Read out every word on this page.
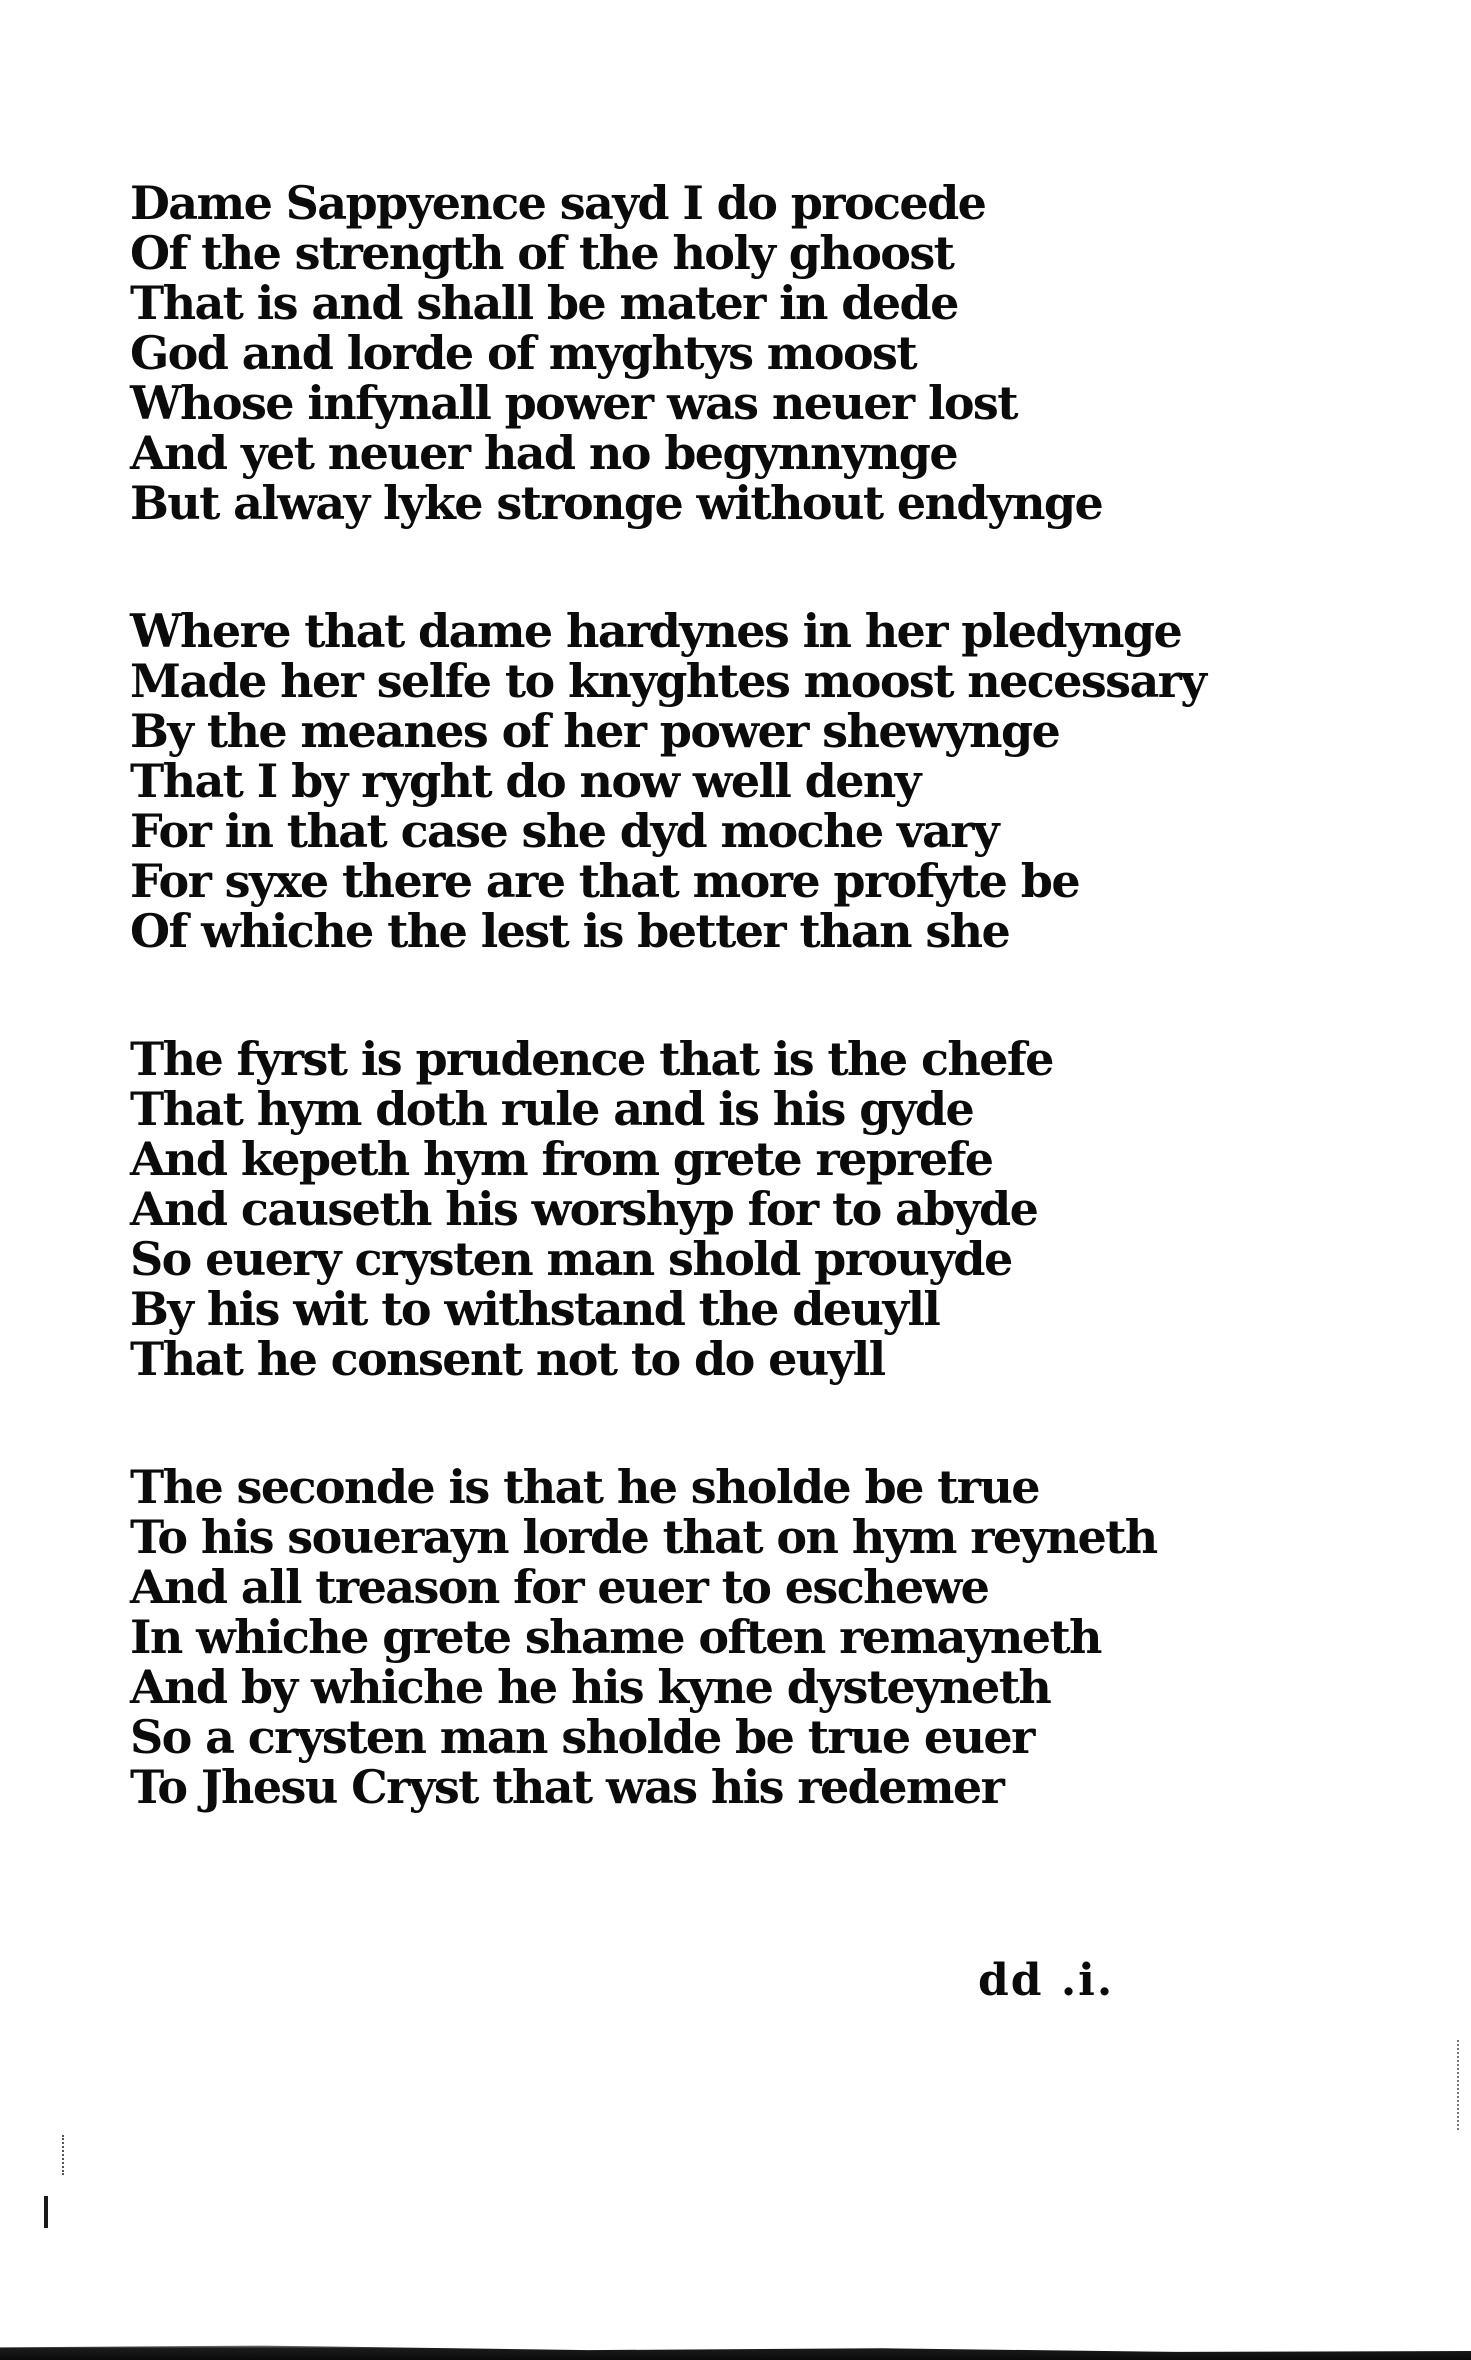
Dame Sappyence sayd I do procede
Of the strength of the holy ghoost
That is and shall be mater in dede
God and lorde of myghtys moost
Whose infynall power was neuer lost
And yet neuer had no begynnynge
But alway lyke stronge without endynge
Where that dame hardynes in her pledynge
Made her selfe to knyghtes moost necessary
By the meanes of her power shewynge
That I by ryght do now well deny
For in that case she dyd moche vary
For syxe there are that more profyte be
Of whiche the lest is better than she
The fyrst is prudence that is the chefe
That hym doth rule and is his gyde
And kepeth hym from grete reprefe
And causeth his worshyp for to abyde
So euery crysten man shold prouyde
By his wit to withstand the deuyll
That he consent not to do euyll
The seconde is that he sholde be true
To his souerayn lorde that on hym reyneth
And all treason for euer to eschewe
In whiche grete shame often remayneth
And by whiche he his kyne dysteyneth
So a crysten man sholde be true euer
To Jhesu Cryst that was his redemer
dd .i.
